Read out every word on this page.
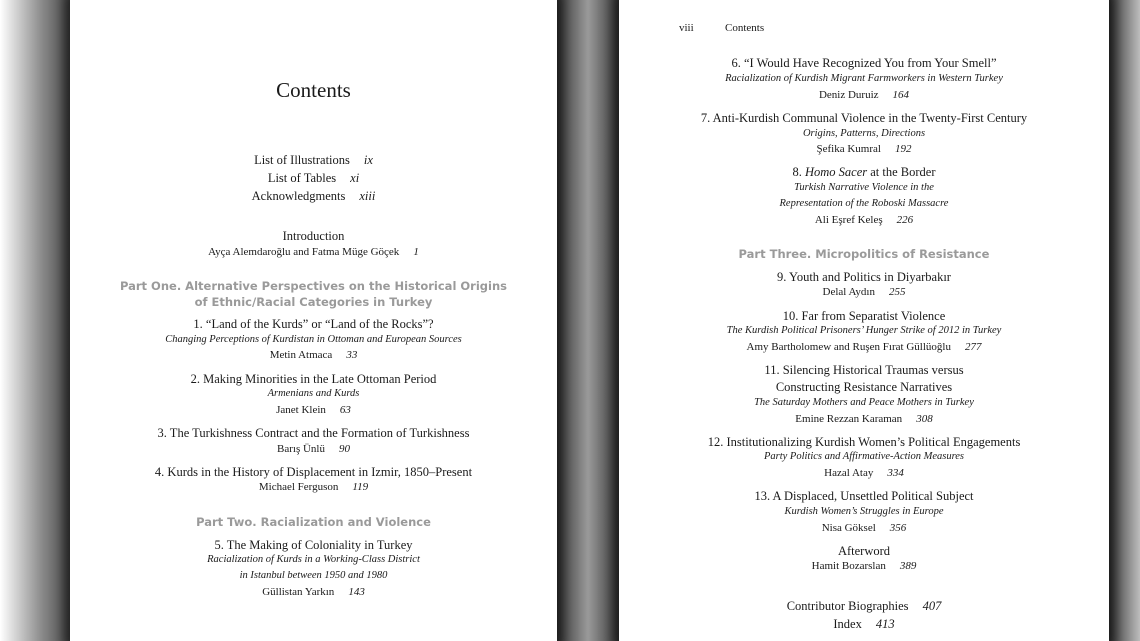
Contents
List of Illustrations ix
List of Tables xi
Acknowledgments xiii
Introduction
Ayça Alemdaroğlu and Fatma Müge Göçek 1
Part One. Alternative Perspectives on the Historical Origins
of Ethnic/Racial Categories in Turkey
1. “Land of the Kurds” or “Land of the Rocks”?
Changing Perceptions of Kurdistan in Ottoman and European Sources
Metin Atmaca 33
2. Making Minorities in the Late Ottoman Period
Armenians and Kurds
Janet Klein 63
3. The Turkishness Contract and the Formation of Turkishness
Barış Ünlü 90
4. Kurds in the History of Displacement in Izmir, 1850–Present
Michael Ferguson 119
Part Two. Racialization and Violence
5. The Making of Coloniality in Turkey
Racialization of Kurds in a Working-Class District
in Istanbul between 1950 and 1980
Güllistan Yarkın 143
viii	Contents
6. “I Would Have Recognized You from Your Smell”
Racialization of Kurdish Migrant Farmworkers in Western Turkey
Deniz Duruiz 164
7. Anti-Kurdish Communal Violence in the Twenty-First Century
Origins, Patterns, Directions
Şefika Kumral 192
8. Homo Sacer at the Border
Turkish Narrative Violence in the
Representation of the Roboski Massacre
Ali Eşref Keleş 226
Part Three. Micropolitics of Resistance
9. Youth and Politics in Diyarbakır
Delal Aydın 255
10. Far from Separatist Violence
The Kurdish Political Prisoners’ Hunger Strike of 2012 in Turkey
Amy Bartholomew and Ruşen Fırat Güllüoğlu 277
11. Silencing Historical Traumas versus
Constructing Resistance Narratives
The Saturday Mothers and Peace Mothers in Turkey
Emine Rezzan Karaman 308
12. Institutionalizing Kurdish Women’s Political Engagements
Party Politics and Affirmative-Action Measures
Hazal Atay 334
13. A Displaced, Unsettled Political Subject
Kurdish Women’s Struggles in Europe
Nisa Göksel 356
Afterword
Hamit Bozarslan 389
Contributor Biographies 407
Index 413
